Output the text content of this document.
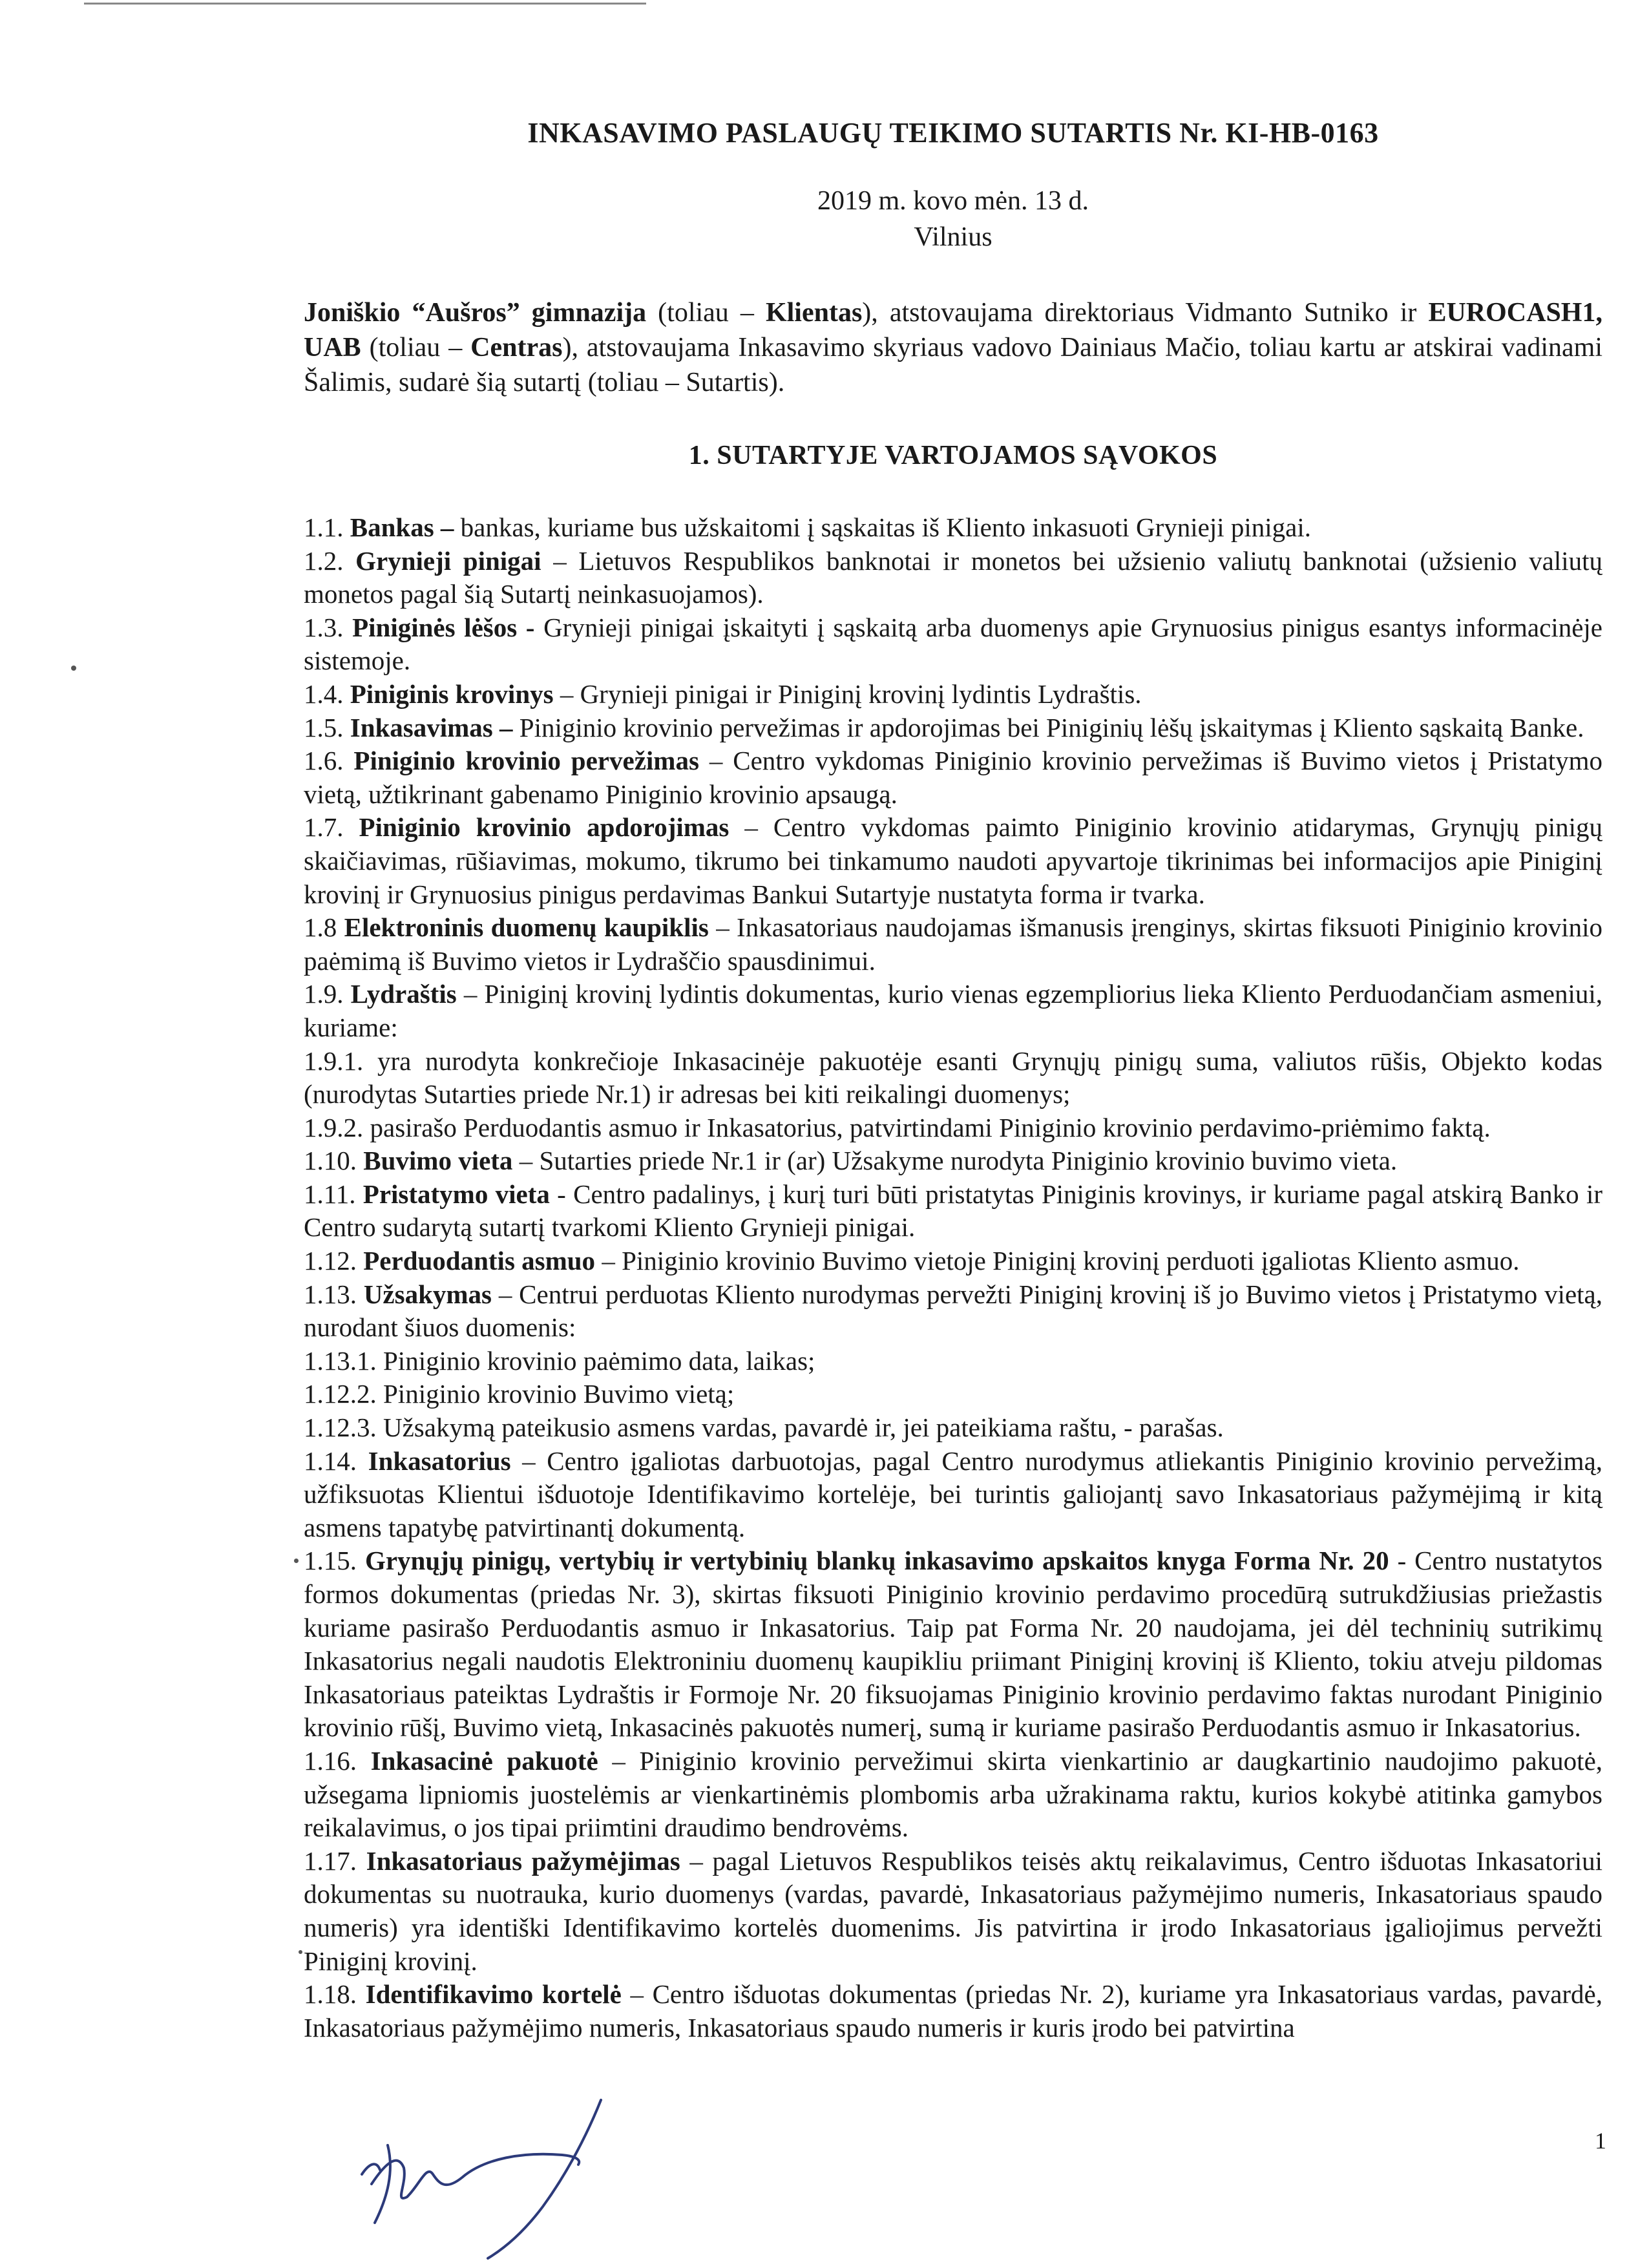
INKASAVIMO PASLAUGŲ TEIKIMO SUTARTIS Nr. KI-HB-0163
2019 m. kovo mėn. 13 d.
Vilnius
Joniškio “Aušros” gimnazija (toliau – Klientas), atstovaujama direktoriaus Vidmanto Sutniko ir EUROCASH1, UAB (toliau – Centras), atstovaujama Inkasavimo skyriaus vadovo Dainiaus Mačio, toliau kartu ar atskirai vadinami Šalimis, sudarė šią sutartį (toliau – Sutartis).
1. SUTARTYJE VARTOJAMOS SĄVOKOS
1.1. Bankas – bankas, kuriame bus užskaitomi į sąskaitas iš Kliento inkasuoti Grynieji pinigai.
1.2. Grynieji pinigai – Lietuvos Respublikos banknotai ir monetos bei užsienio valiutų banknotai (užsienio valiutų monetos pagal šią Sutartį neinkasuojamos).
1.3. Piniginės lėšos - Grynieji pinigai įskaityti į sąskaitą arba duomenys apie Grynuosius pinigus esantys informacinėje sistemoje.
1.4. Piniginis krovinys – Grynieji pinigai ir Piniginį krovinį lydintis Lydraštis.
1.5. Inkasavimas – Piniginio krovinio pervežimas ir apdorojimas bei Piniginių lėšų įskaitymas į Kliento sąskaitą Banke.
1.6. Piniginio krovinio pervežimas – Centro vykdomas Piniginio krovinio pervežimas iš Buvimo vietos į Pristatymo vietą, užtikrinant gabenamo Piniginio krovinio apsaugą.
1.7. Piniginio krovinio apdorojimas – Centro vykdomas paimto Piniginio krovinio atidarymas, Grynųjų pinigų skaičiavimas, rūšiavimas, mokumo, tikrumo bei tinkamumo naudoti apyvartoje tikrinimas bei informacijos apie Piniginį krovinį ir Grynuosius pinigus perdavimas Bankui Sutartyje nustatyta forma ir tvarka.
1.8 Elektroninis duomenų kaupiklis – Inkasatoriaus naudojamas išmanusis įrenginys, skirtas fiksuoti Piniginio krovinio paėmimą iš Buvimo vietos ir Lydraščio spausdinimui.
1.9. Lydraštis – Piniginį krovinį lydintis dokumentas, kurio vienas egzempliorius lieka Kliento Perduodančiam asmeniui, kuriame:
1.9.1. yra nurodyta konkrečioje Inkasacinėje pakuotėje esanti Grynųjų pinigų suma, valiutos rūšis, Objekto kodas (nurodytas Sutarties priede Nr.1) ir adresas bei kiti reikalingi duomenys;
1.9.2. pasirašo Perduodantis asmuo ir Inkasatorius, patvirtindami Piniginio krovinio perdavimo-priėmimo faktą.
1.10. Buvimo vieta – Sutarties priede Nr.1 ir (ar) Užsakyme nurodyta Piniginio krovinio buvimo vieta.
1.11. Pristatymo vieta - Centro padalinys, į kurį turi būti pristatytas Piniginis krovinys, ir kuriame pagal atskirą Banko ir Centro sudarytą sutartį tvarkomi Kliento Grynieji pinigai.
1.12. Perduodantis asmuo – Piniginio krovinio Buvimo vietoje Piniginį krovinį perduoti įgaliotas Kliento asmuo.
1.13. Užsakymas – Centrui perduotas Kliento nurodymas pervežti Piniginį krovinį iš jo Buvimo vietos į Pristatymo vietą, nurodant šiuos duomenis:
1.13.1. Piniginio krovinio paėmimo data, laikas;
1.12.2. Piniginio krovinio Buvimo vietą;
1.12.3. Užsakymą pateikusio asmens vardas, pavardė ir, jei pateikiama raštu, - parašas.
1.14. Inkasatorius – Centro įgaliotas darbuotojas, pagal Centro nurodymus atliekantis Piniginio krovinio pervežimą, užfiksuotas Klientui išduotoje Identifikavimo kortelėje, bei turintis galiojantį savo Inkasatoriaus pažymėjimą ir kitą asmens tapatybę patvirtinantį dokumentą.
1.15. Grynųjų pinigų, vertybių ir vertybinių blankų inkasavimo apskaitos knyga Forma Nr. 20 - Centro nustatytos formos dokumentas (priedas Nr. 3), skirtas fiksuoti Piniginio krovinio perdavimo procedūrą sutrukdžiusias priežastis kuriame pasirašo Perduodantis asmuo ir Inkasatorius. Taip pat Forma Nr. 20 naudojama, jei dėl techninių sutrikimų Inkasatorius negali naudotis Elektroniniu duomenų kaupikliu priimant Piniginį krovinį iš Kliento, tokiu atveju pildomas Inkasatoriaus pateiktas Lydraštis ir Formoje Nr. 20 fiksuojamas Piniginio krovinio perdavimo faktas nurodant Piniginio krovinio rūšį, Buvimo vietą, Inkasacinės pakuotės numerį, sumą ir kuriame pasirašo Perduodantis asmuo ir Inkasatorius.
1.16. Inkasacinė pakuotė – Piniginio krovinio pervežimui skirta vienkartinio ar daugkartinio naudojimo pakuotė, užsegama lipniomis juostelėmis ar vienkartinėmis plombomis arba užrakinama raktu, kurios kokybė atitinka gamybos reikalavimus, o jos tipai priimtini draudimo bendrovėms.
1.17. Inkasatoriaus pažymėjimas – pagal Lietuvos Respublikos teisės aktų reikalavimus, Centro išduotas Inkasatoriui dokumentas su nuotrauka, kurio duomenys (vardas, pavardė, Inkasatoriaus pažymėjimo numeris, Inkasatoriaus spaudo numeris) yra identiški Identifikavimo kortelės duomenims. Jis patvirtina ir įrodo Inkasatoriaus įgaliojimus pervežti Piniginį krovinį.
1.18. Identifikavimo kortelė – Centro išduotas dokumentas (priedas Nr. 2), kuriame yra Inkasatoriaus vardas, pavardė, Inkasatoriaus pažymėjimo numeris, Inkasatoriaus spaudo numeris ir kuris įrodo bei patvirtina
1
